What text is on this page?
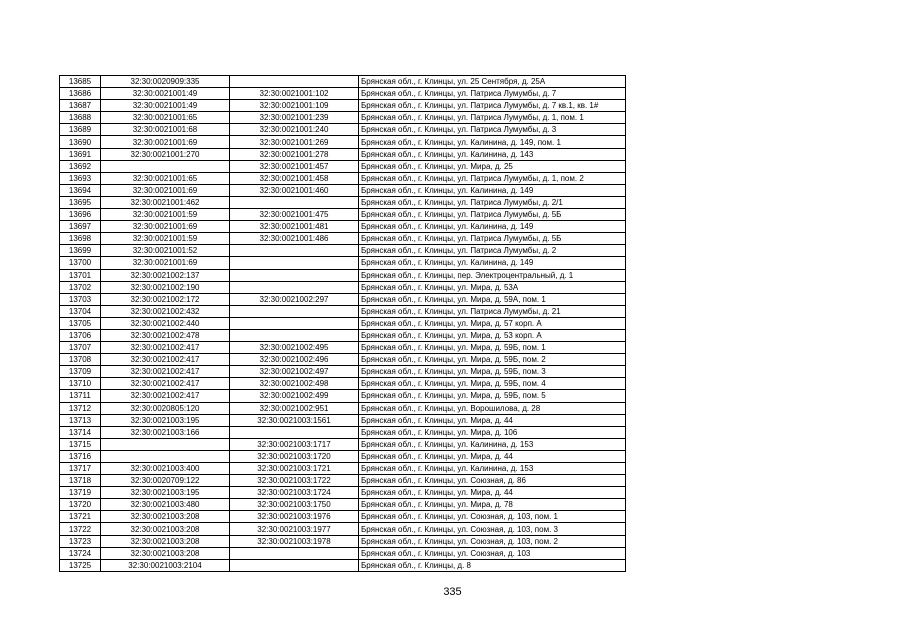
13685	32:30:0020909:335		Брянская обл., г. Клинцы, ул. 25 Сентября, д. 25А
13686	32:30:0021001:49	32:30:0021001:102	Брянская обл., г. Клинцы, ул. Патриса Лумумбы, д. 7
13687	32:30:0021001:49	32:30:0021001:109	Брянская обл., г. Клинцы, ул. Патриса Лумумбы, д. 7 кв.1, кв. 1#
13688	32:30:0021001:65	32:30:0021001:239	Брянская обл., г. Клинцы, ул. Патриса Лумумбы, д. 1, пом. 1
13689	32:30:0021001:68	32:30:0021001:240	Брянская обл., г. Клинцы, ул. Патриса Лумумбы, д. 3
13690	32:30:0021001:69	32:30:0021001:269	Брянская обл., г. Клинцы, ул. Калинина, д. 149, пом. 1
13691	32:30:0021001:270	32:30:0021001:278	Брянская обл., г. Клинцы, ул. Калинина, д. 143
13692		32:30:0021001:457	Брянская обл., г. Клинцы, ул. Мира, д. 25
13693	32:30:0021001:65	32:30:0021001:458	Брянская обл., г. Клинцы, ул. Патриса Лумумбы, д. 1, пом. 2
13694	32:30:0021001:69	32:30:0021001:460	Брянская обл., г. Клинцы, ул. Калинина, д. 149
13695	32:30:0021001:462		Брянская обл., г. Клинцы, ул. Патриса Лумумбы, д. 2/1
13696	32:30:0021001:59	32:30:0021001:475	Брянская обл., г. Клинцы, ул. Патриса Лумумбы, д. 5Б
13697	32:30:0021001:69	32:30:0021001:481	Брянская обл., г. Клинцы, ул. Калинина, д. 149
13698	32:30:0021001:59	32:30:0021001:486	Брянская обл., г. Клинцы, ул. Патриса Лумумбы, д. 5Б
13699	32:30:0021001:52		Брянская обл., г. Клинцы, ул. Патриса Лумумбы, д. 2
13700	32:30:0021001:69		Брянская обл., г. Клинцы, ул. Калинина, д. 149
13701	32:30:0021002:137		Брянская обл., г. Клинцы, пер. Электроцентральный, д. 1
13702	32:30:0021002:190		Брянская обл., г. Клинцы, ул. Мира, д. 53А
13703	32:30:0021002:172	32:30:0021002:297	Брянская обл., г. Клинцы, ул. Мира, д. 59А, пом. 1
13704	32:30:0021002:432		Брянская обл., г. Клинцы, ул. Патриса Лумумбы, д. 21
13705	32:30:0021002:440		Брянская обл., г. Клинцы, ул. Мира, д. 57 корп. А
13706	32:30:0021002:478		Брянская обл., г. Клинцы, ул. Мира, д. 53 корп. А
13707	32:30:0021002:417	32:30:0021002:495	Брянская обл., г. Клинцы, ул. Мира, д. 59Б, пом. 1
13708	32:30:0021002:417	32:30:0021002:496	Брянская обл., г. Клинцы, ул. Мира, д. 59Б, пом. 2
13709	32:30:0021002:417	32:30:0021002:497	Брянская обл., г. Клинцы, ул. Мира, д. 59Б, пом. 3
13710	32:30:0021002:417	32:30:0021002:498	Брянская обл., г. Клинцы, ул. Мира, д. 59Б, пом. 4
13711	32:30:0021002:417	32:30:0021002:499	Брянская обл., г. Клинцы, ул. Мира, д. 59Б, пом. 5
13712	32:30:0020805:120	32:30:0021002:951	Брянская обл., г. Клинцы, ул. Ворошилова, д. 28
13713	32:30:0021003:195	32:30:0021003:1561	Брянская обл., г. Клинцы, ул. Мира, д. 44
13714	32:30:0021003:166		Брянская обл., г. Клинцы, ул. Мира, д. 106
13715		32:30:0021003:1717	Брянская обл., г. Клинцы, ул. Калинина, д. 153
13716		32:30:0021003:1720	Брянская обл., г. Клинцы, ул. Мира, д. 44
13717	32:30:0021003:400	32:30:0021003:1721	Брянская обл., г. Клинцы, ул. Калинина, д. 153
13718	32:30:0020709:122	32:30:0021003:1722	Брянская обл., г. Клинцы, ул. Союзная, д. 86
13719	32:30:0021003:195	32:30:0021003:1724	Брянская обл., г. Клинцы, ул. Мира, д. 44
13720	32:30:0021003:480	32:30:0021003:1750	Брянская обл., г. Клинцы, ул. Мира, д. 78
13721	32:30:0021003:208	32:30:0021003:1976	Брянская обл., г. Клинцы, ул. Союзная, д. 103, пом. 1
13722	32:30:0021003:208	32:30:0021003:1977	Брянская обл., г. Клинцы, ул. Союзная, д. 103, пом. 3
13723	32:30:0021003:208	32:30:0021003:1978	Брянская обл., г. Клинцы, ул. Союзная, д. 103, пом. 2
13724	32:30:0021003:208		Брянская обл., г. Клинцы, ул. Союзная, д. 103
13725	32:30:0021003:2104		Брянская обл., г. Клинцы, д. 8
335
